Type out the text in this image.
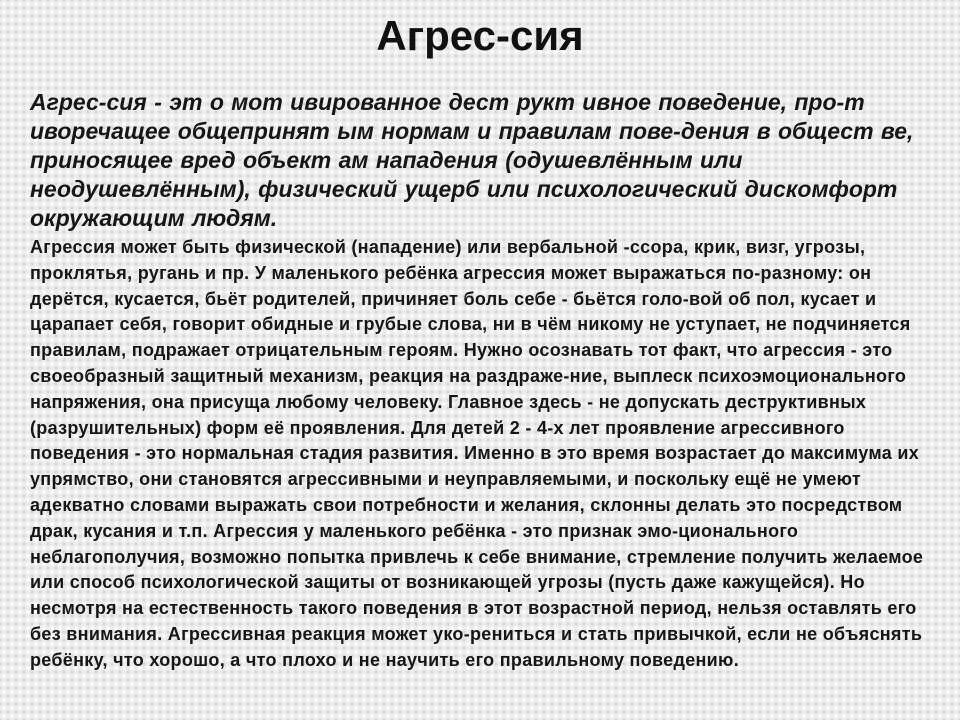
Агрес-сия

Агрес-сия - эт о мот ивированное дест рукт ивное поведение, про-т иворечащее общепринят ым нормам и правилам пове-дения в общест ве, приносящее вред объект ам нападения (одушевлённым или неодушевлённым), физический ущерб или психологический дискомфорт окружающим людям.

Агрессия может быть физической (нападение) или вербальной -ссора, крик, визг, угрозы, проклятья, ругань и пр. У маленького ребёнка агрессия может выражаться по-разному: он дерётся, кусается, бьёт родителей, причиняет боль себе - бьётся голо-вой об пол, кусает и царапает себя, говорит обидные и грубые слова, ни в чём никому не уступает, не подчиняется правилам, подражает отрицательным героям. Нужно осознавать тот факт, что агрессия - это своеобразный защитный механизм, реакция на раздраже-ние, выплеск психоэмоционального напряжения, она присуща любому человеку. Главное здесь - не допускать деструктивных (разрушительных) форм её проявления. Для детей 2 - 4-х лет проявление агрессивного поведения - это нормальная стадия развития. Именно в это время возрастает до максимума их упрямство, они становятся агрессивными и неуправляемыми, и поскольку ещё не умеют адекватно словами выражать свои потребности и желания, склонны делать это посредством драк, кусания и т.п. Агрессия у маленького ребёнка - это признак эмо-ционального неблагополучия, возможно попытка привлечь к себе внимание, стремление получить желаемое или способ психологической защиты от возникающей угрозы (пусть даже кажущейся). Но несмотря на естественность такого поведения в этот возрастной период, нельзя оставлять его без внимания. Агрессивная реакция может уко-рениться и стать привычкой, если не объяснять ребёнку, что хорошо, а что плохо и не научить его правильному поведению.
